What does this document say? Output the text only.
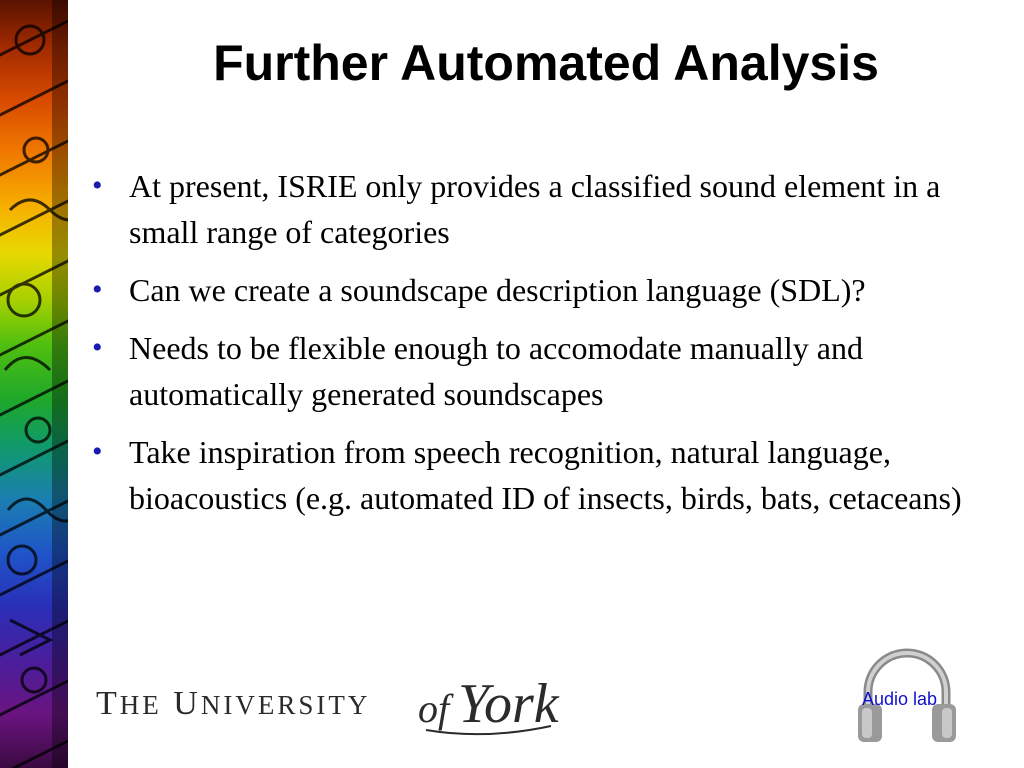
Further Automated Analysis
• At present, ISRIE only provides a classified sound element in a small range of categories
• Can we create a soundscape description language (SDL)?
• Needs to be flexible enough to accomodate manually and automatically generated soundscapes
• Take inspiration from speech recognition, natural language, bioacoustics (e.g. automated ID of insects, birds, bats, cetaceans)
THE UNIVERSITY of York	Audio lab
